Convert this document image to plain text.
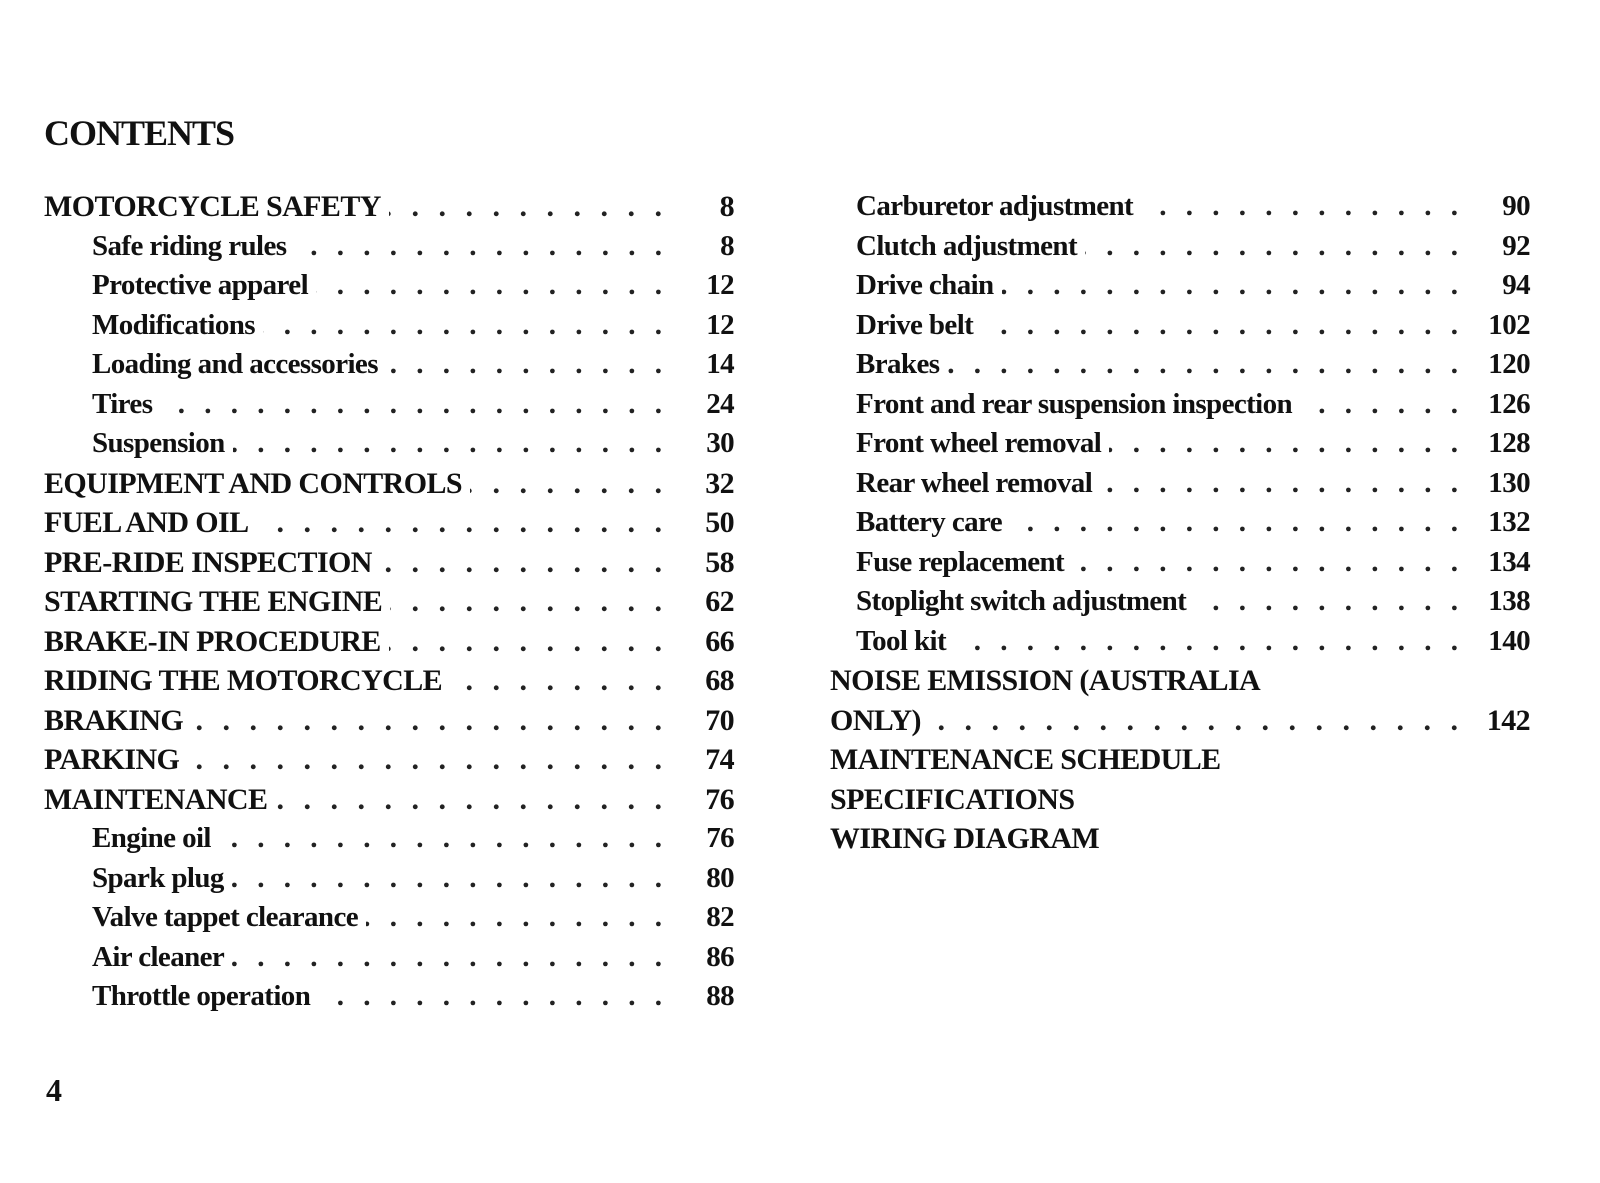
CONTENTS
MOTORCYCLE SAFETY . . .	8
Safe riding rules . . .	8
Protective apparel . . .	12
Modifications . . .	12
Loading and accessories . . .	14
Tires . . .	24
Suspension . . .	30
EQUIPMENT AND CONTROLS . . .	32
FUEL AND OIL . . .	50
PRE-RIDE INSPECTION . . .	58
STARTING THE ENGINE . . .	62
BRAKE-IN PROCEDURE . . .	66
RIDING THE MOTORCYCLE . . .	68
BRAKING . . .	70
PARKING . . .	74
MAINTENANCE . . .	76
Engine oil . . .	76
Spark plug . . .	80
Valve tappet clearance . . .	82
Air cleaner . . .	86
Throttle operation . . .	88
Carburetor adjustment . . .	90
Clutch adjustment . . .	92
Drive chain . . .	94
Drive belt . . .	102
Brakes . . .	120
Front and rear suspension inspection . . .	126
Front wheel removal . . .	128
Rear wheel removal . . .	130
Battery care . . .	132
Fuse replacement . . .	134
Stoplight switch adjustment . . .	138
Tool kit . . .	140
NOISE EMISSION (AUSTRALIA
ONLY) . . .	142
MAINTENANCE SCHEDULE
SPECIFICATIONS
WIRING DIAGRAM
4
